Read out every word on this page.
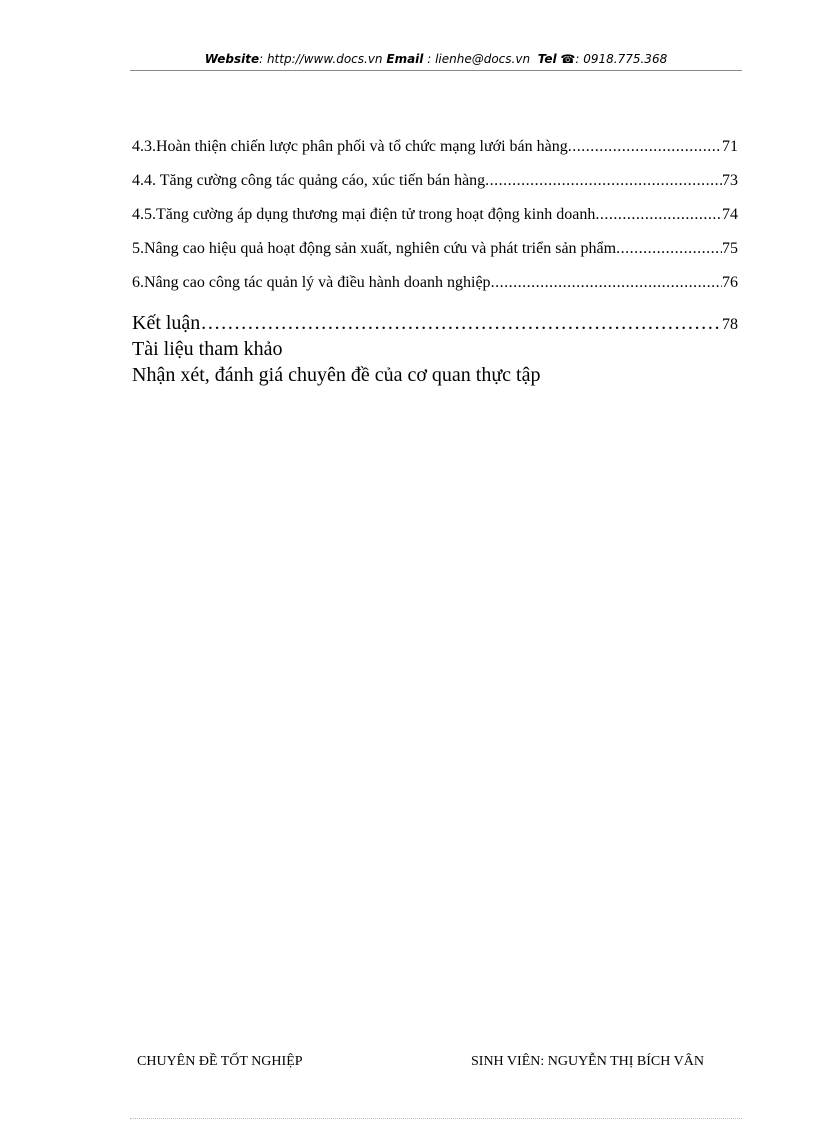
Website: http://www.docs.vn Email : lienhe@docs.vn Tel ☎: 0918.775.368
4.3.Hoàn thiện chiến lược phân phối và tổ chức mạng lưới bán hàng .....	71
4.4. Tăng cường công tác quảng cáo, xúc tiến bán hàng .....	73
4.5.Tăng cường áp dụng thương mại điện tử trong hoạt động kinh doanh .....	74
5.Nâng cao hiệu quả hoạt động sản xuất, nghiên cứu và phát triển sản phẩm .....	75
6.Nâng cao công tác quản lý và điều hành doanh nghiệp .....	76
Kết luận ……………………………………………………………………………………………………………………	78
Tài liệu tham khảo
Nhận xét, đánh giá chuyên đề của cơ quan thực tập
CHUYÊN ĐỀ TỐT NGHIỆP	SINH VIÊN: NGUYỄN THỊ BÍCH VÂN
